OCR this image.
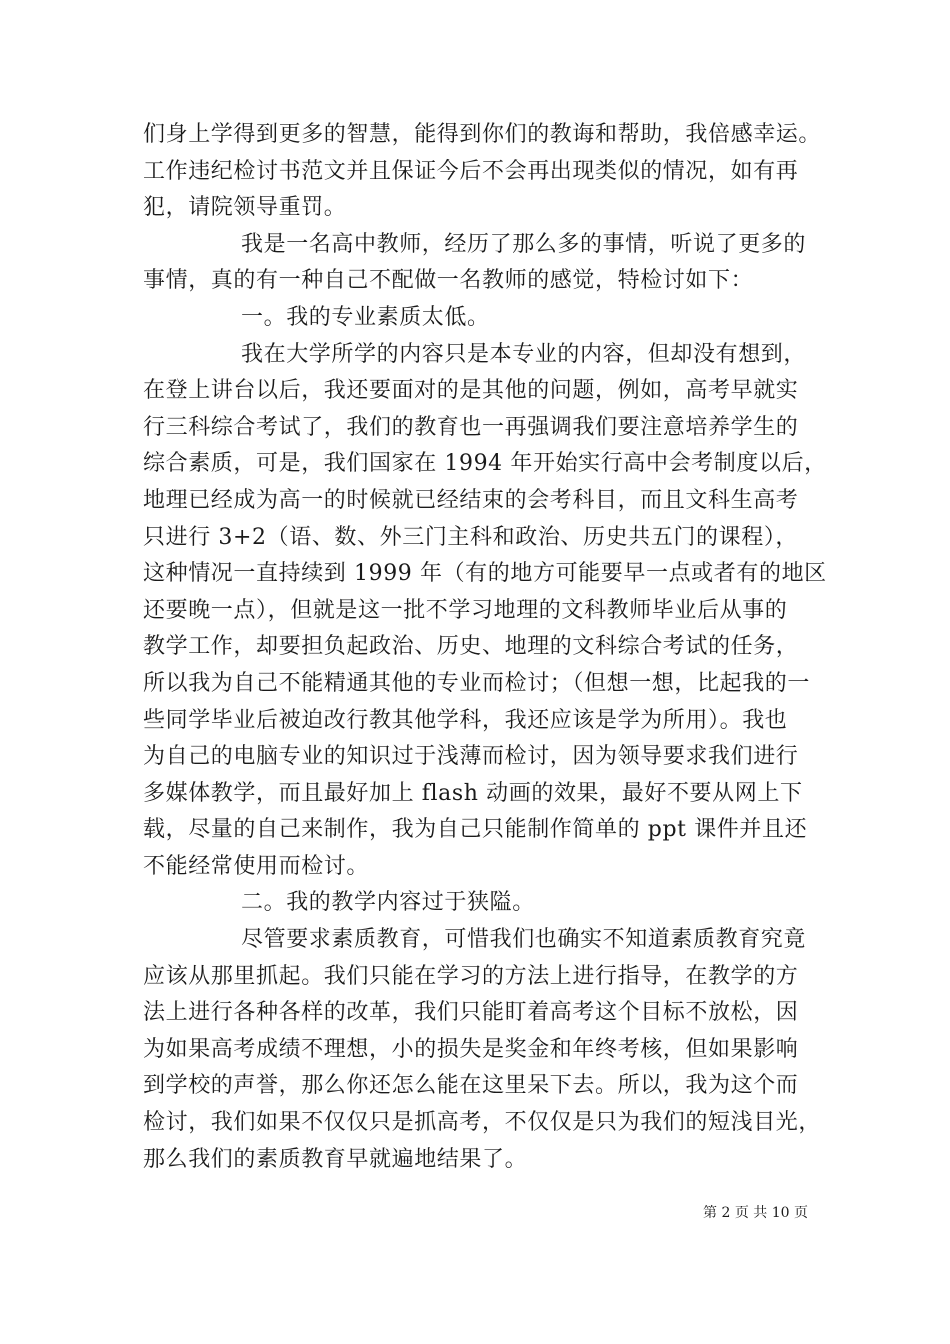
们身上学得到更多的智慧，能得到你们的教诲和帮助，我倍感幸运。
工作违纪检讨书范文并且保证今后不会再出现类似的情况，如有再
犯，请院领导重罚。
我是一名高中教师，经历了那么多的事情，听说了更多的
事情，真的有一种自己不配做一名教师的感觉，特检讨如下：
一。我的专业素质太低。
我在大学所学的内容只是本专业的内容，但却没有想到，
在登上讲台以后，我还要面对的是其他的问题，例如，高考早就实
行三科综合考试了，我们的教育也一再强调我们要注意培养学生的
综合素质，可是，我们国家在 1994 年开始实行高中会考制度以后，
地理已经成为高一的时候就已经结束的会考科目，而且文科生高考
只进行 3+2（语、数、外三门主科和政治、历史共五门的课程），
这种情况一直持续到 1999 年（有的地方可能要早一点或者有的地区
还要晚一点），但就是这一批不学习地理的文科教师毕业后从事的
教学工作，却要担负起政治、历史、地理的文科综合考试的任务，
所以我为自己不能精通其他的专业而检讨；（但想一想，比起我的一
些同学毕业后被迫改行教其他学科，我还应该是学为所用）。我也
为自己的电脑专业的知识过于浅薄而检讨，因为领导要求我们进行
多媒体教学，而且最好加上 flash 动画的效果，最好不要从网上下
载，尽量的自己来制作，我为自己只能制作简单的 ppt 课件并且还
不能经常使用而检讨。
二。我的教学内容过于狭隘。
尽管要求素质教育，可惜我们也确实不知道素质教育究竟
应该从那里抓起。我们只能在学习的方法上进行指导，在教学的方
法上进行各种各样的改革，我们只能盯着高考这个目标不放松，因
为如果高考成绩不理想，小的损失是奖金和年终考核，但如果影响
到学校的声誉，那么你还怎么能在这里呆下去。所以，我为这个而
检讨，我们如果不仅仅只是抓高考，不仅仅是只为我们的短浅目光，
那么我们的素质教育早就遍地结果了。
第 2 页 共 10 页
